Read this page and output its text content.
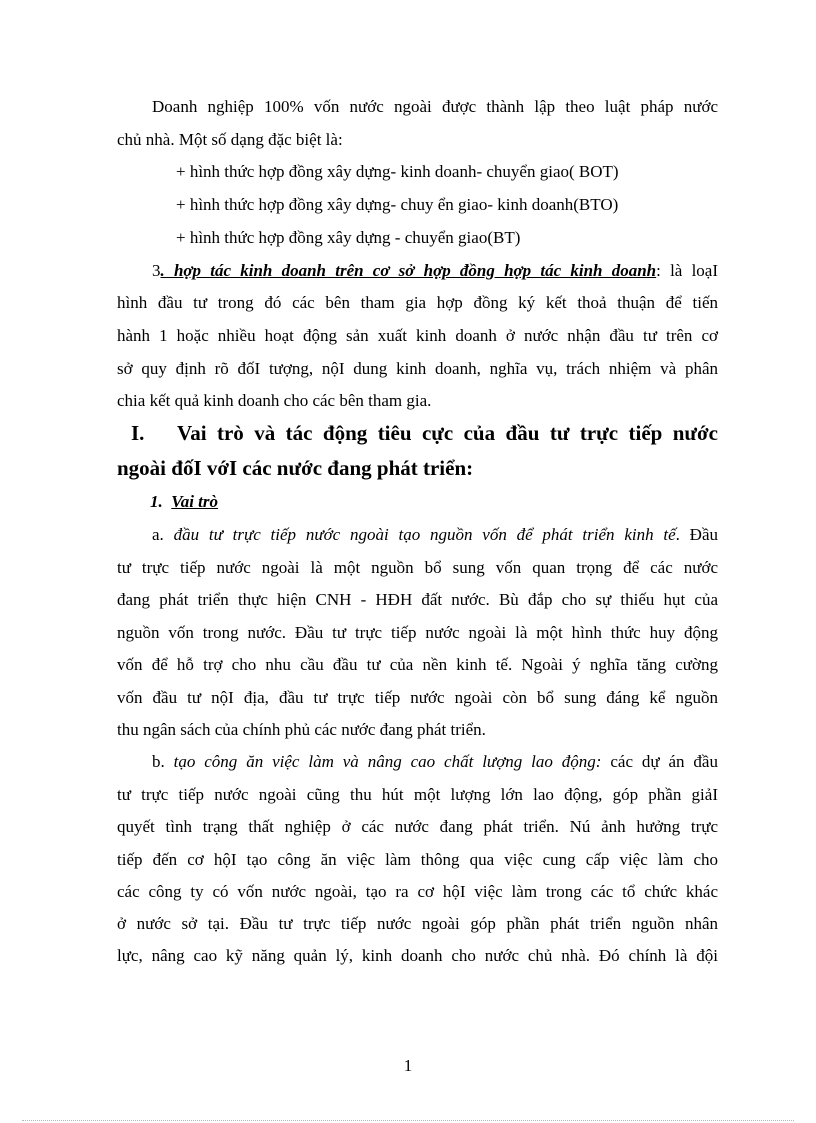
Doanh nghiệp 100% vốn nước ngoài được thành lập theo luật pháp nước
chủ nhà. Một số dạng đặc biệt là:
+ hình thức hợp đồng xây dựng- kinh doanh- chuyển giao( BOT)
+ hình thức hợp đồng xây dựng- chuy ển giao- kinh doanh(BTO)
+ hình thức hợp đồng xây dựng - chuyển giao(BT)
3. hợp tác kinh doanh trên cơ sở hợp đồng hợp tác kinh doanh: là loạI
hình đầu tư trong đó các bên tham gia hợp đồng ký kết thoả thuận để tiến
hành 1 hoặc nhiều hoạt động sản xuất kinh doanh ở nước nhận đầu tư trên cơ
sở quy định rõ đốI tượng, nộI dung kinh doanh, nghĩa vụ, trách nhiệm và phân
chia kết quả kinh doanh cho các bên tham gia.
I. Vai trò và tác động tiêu cực của đầu tư trực tiếp nước
ngoài đốI vớI các nước đang phát triển:
1. Vai trò
a. đầu tư trực tiếp nước ngoài tạo nguồn vốn để phát triển kinh tế. Đầu
tư trực tiếp nước ngoài là một nguồn bổ sung vốn quan trọng để các nước
đang phát triển thực hiện CNH - HĐH đất nước. Bù đắp cho sự thiếu hụt của
nguồn vốn trong nước. Đầu tư trực tiếp nước ngoài là một hình thức huy động
vốn để hỗ trợ cho nhu cầu đầu tư của nền kinh tế. Ngoài ý nghĩa tăng cường
vốn đầu tư nộI địa, đầu tư trực tiếp nước ngoài còn bổ sung đáng kể nguồn
thu ngân sách của chính phủ các nước đang phát triển.
b. tạo công ăn việc làm và nâng cao chất lượng lao động: các dự án đầu
tư trực tiếp nước ngoài cũng thu hút một lượng lớn lao động, góp phần giảI
quyết tình trạng thất nghiệp ở các nước đang phát triển. Nú ảnh hưởng trực
tiếp đến cơ hộI tạo công ăn việc làm thông qua việc cung cấp việc làm cho
các công ty có vốn nước ngoài, tạo ra cơ hộI việc làm trong các tổ chức khác
ở nước sở tại. Đầu tư trực tiếp nước ngoài góp phần phát triển nguồn nhân
lực, nâng cao kỹ năng quản lý, kinh doanh cho nước chủ nhà. Đó chính là đội
1
